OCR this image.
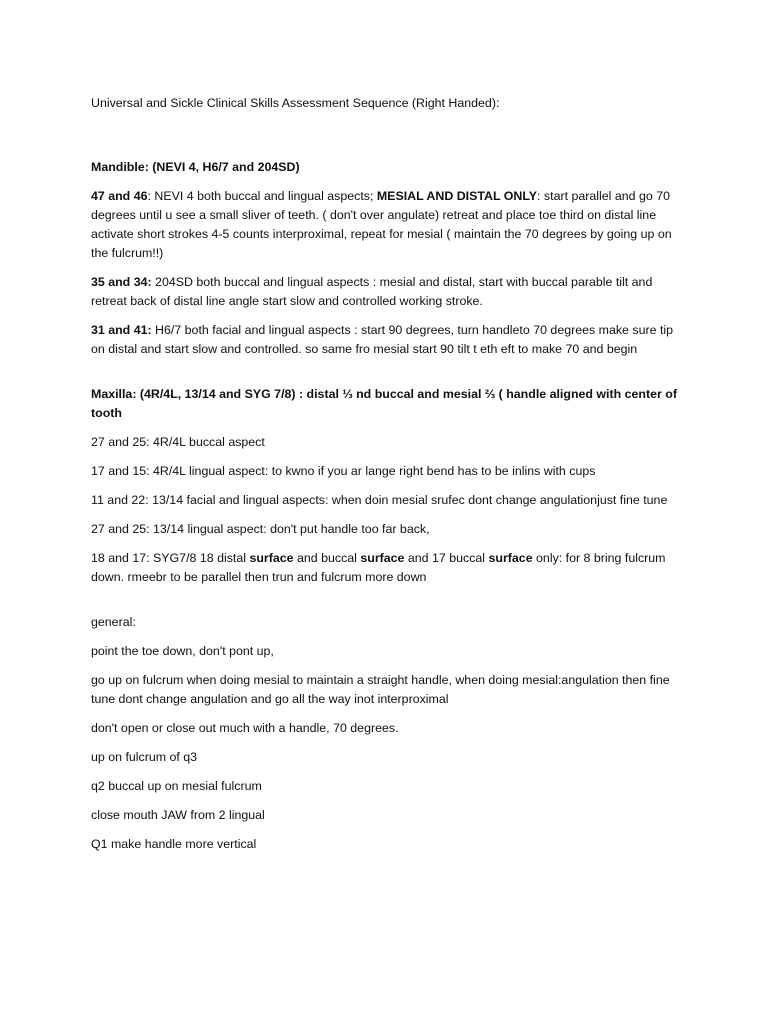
Universal and Sickle Clinical Skills Assessment Sequence (Right Handed):

Mandible: (NEVI 4, H6/7 and 204SD)

47 and 46: NEVI 4 both buccal and lingual aspects; MESIAL AND DISTAL ONLY: start parallel and go 70 degrees until u see a small sliver of teeth. ( don't over angulate) retreat and place toe third on distal line activate short strokes 4-5 counts interproximal, repeat for mesial ( maintain the 70 degrees by going up on the fulcrum!!)

35 and 34: 204SD both buccal and lingual aspects : mesial and distal, start with buccal parable tilt and retreat back of distal line angle start slow and controlled working stroke.

31 and 41: H6/7 both facial and lingual aspects : start 90 degrees, turn handleto 70 degrees make sure tip on distal and start slow and controlled. so same fro mesial start 90 tilt t eth eft to make 70 and begin

Maxilla: (4R/4L, 13/14 and SYG 7/8) : distal ⅓ nd buccal and mesial ⅔ ( handle aligned with center of tooth

27 and 25: 4R/4L buccal aspect

17 and 15: 4R/4L lingual aspect: to kwno if you ar lange right bend has to be inlins with cups

11 and 22: 13/14 facial and lingual aspects: when doin mesial srufec dont change angulationjust fine tune

27 and 25: 13/14 lingual aspect: don't put handle too far back,

18 and 17: SYG7/8 18 distal surface and buccal surface and 17 buccal surface only: for 8 bring fulcrum down. rmeebr to be parallel then trun and fulcrum more down

general:

point the toe down, don't pont up,

go up on fulcrum when doing mesial to maintain a straight handle, when doing mesial:angulation then fine tune dont change angulation and go all the way inot interproximal

don't open or close out much with a handle, 70 degrees.

up on fulcrum of q3

q2 buccal up on mesial fulcrum

close mouth JAW from 2 lingual

Q1 make handle more vertical
